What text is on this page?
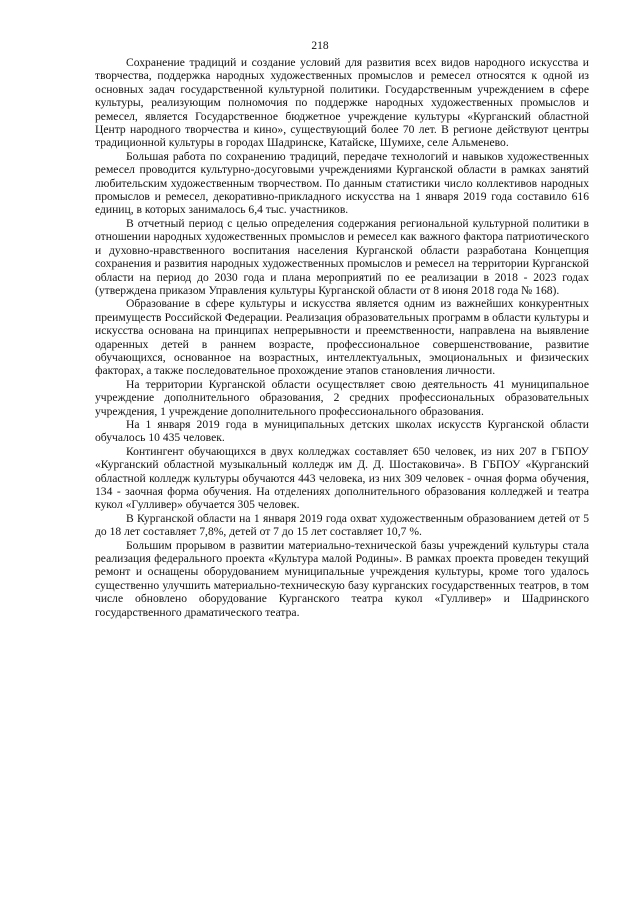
218

Сохранение традиций и создание условий для развития всех видов народного искусства и творчества, поддержка народных художественных промыслов и ремесел относятся к одной из основных задач государственной культурной политики. Государственным учреждением в сфере культуры, реализующим полномочия по поддержке народных художественных промыслов и ремесел, является Государственное бюджетное учреждение культуры «Курганский областной Центр народного творчества и кино», существующий более 70 лет. В регионе действуют центры традиционной культуры в городах Шадринске, Катайске, Шумихе, селе Альменево.

Большая работа по сохранению традиций, передаче технологий и навыков художественных ремесел проводится культурно-досуговыми учреждениями Курганской области в рамках занятий любительским художественным творчеством. По данным статистики число коллективов народных промыслов и ремесел, декоративно-прикладного искусства на 1 января 2019 года составило 616 единиц, в которых занималось 6,4 тыс. участников.

В отчетный период с целью определения содержания региональной культурной политики в отношении народных художественных промыслов и ремесел как важного фактора патриотического и духовно-нравственного воспитания населения Курганской области разработана Концепция сохранения и развития народных художественных промыслов и ремесел на территории Курганской области на период до 2030 года и плана мероприятий по ее реализации в 2018 - 2023 годах (утверждена приказом Управления культуры Курганской области от 8 июня 2018 года № 168).

Образование в сфере культуры и искусства является одним из важнейших конкурентных преимуществ Российской Федерации. Реализация образовательных программ в области культуры и искусства основана на принципах непрерывности и преемственности, направлена на выявление одаренных детей в раннем возрасте, профессиональное совершенствование, развитие обучающихся, основанное на возрастных, интеллектуальных, эмоциональных и физических факторах, а также последовательное прохождение этапов становления личности.

На территории Курганской области осуществляет свою деятельность 41 муниципальное учреждение дополнительного образования, 2 средних профессиональных образовательных учреждения, 1 учреждение дополнительного профессионального образования.

На 1 января 2019 года в муниципальных детских школах искусств Курганской области обучалось 10 435 человек.

Контингент обучающихся в двух колледжах составляет 650 человек, из них 207 в ГБПОУ «Курганский областной музыкальный колледж им Д. Д. Шостаковича». В ГБПОУ «Курганский областной колледж культуры обучаются 443 человека, из них 309 человек - очная форма обучения, 134 - заочная форма обучения. На отделениях дополнительного образования колледжей и театра кукол «Гулливер» обучается 305 человек.

В Курганской области на 1 января 2019 года охват художественным образованием детей от 5 до 18 лет составляет 7,8%, детей от 7 до 15 лет составляет 10,7 %.

Большим прорывом в развитии материально-технической базы учреждений культуры стала реализация федерального проекта «Культура малой Родины». В рамках проекта проведен текущий ремонт и оснащены оборудованием муниципальные учреждения культуры, кроме того удалось существенно улучшить материально-техническую базу курганских государственных театров, в том числе обновлено оборудование Курганского театра кукол «Гулливер» и Шадринского государственного драматического театра.
